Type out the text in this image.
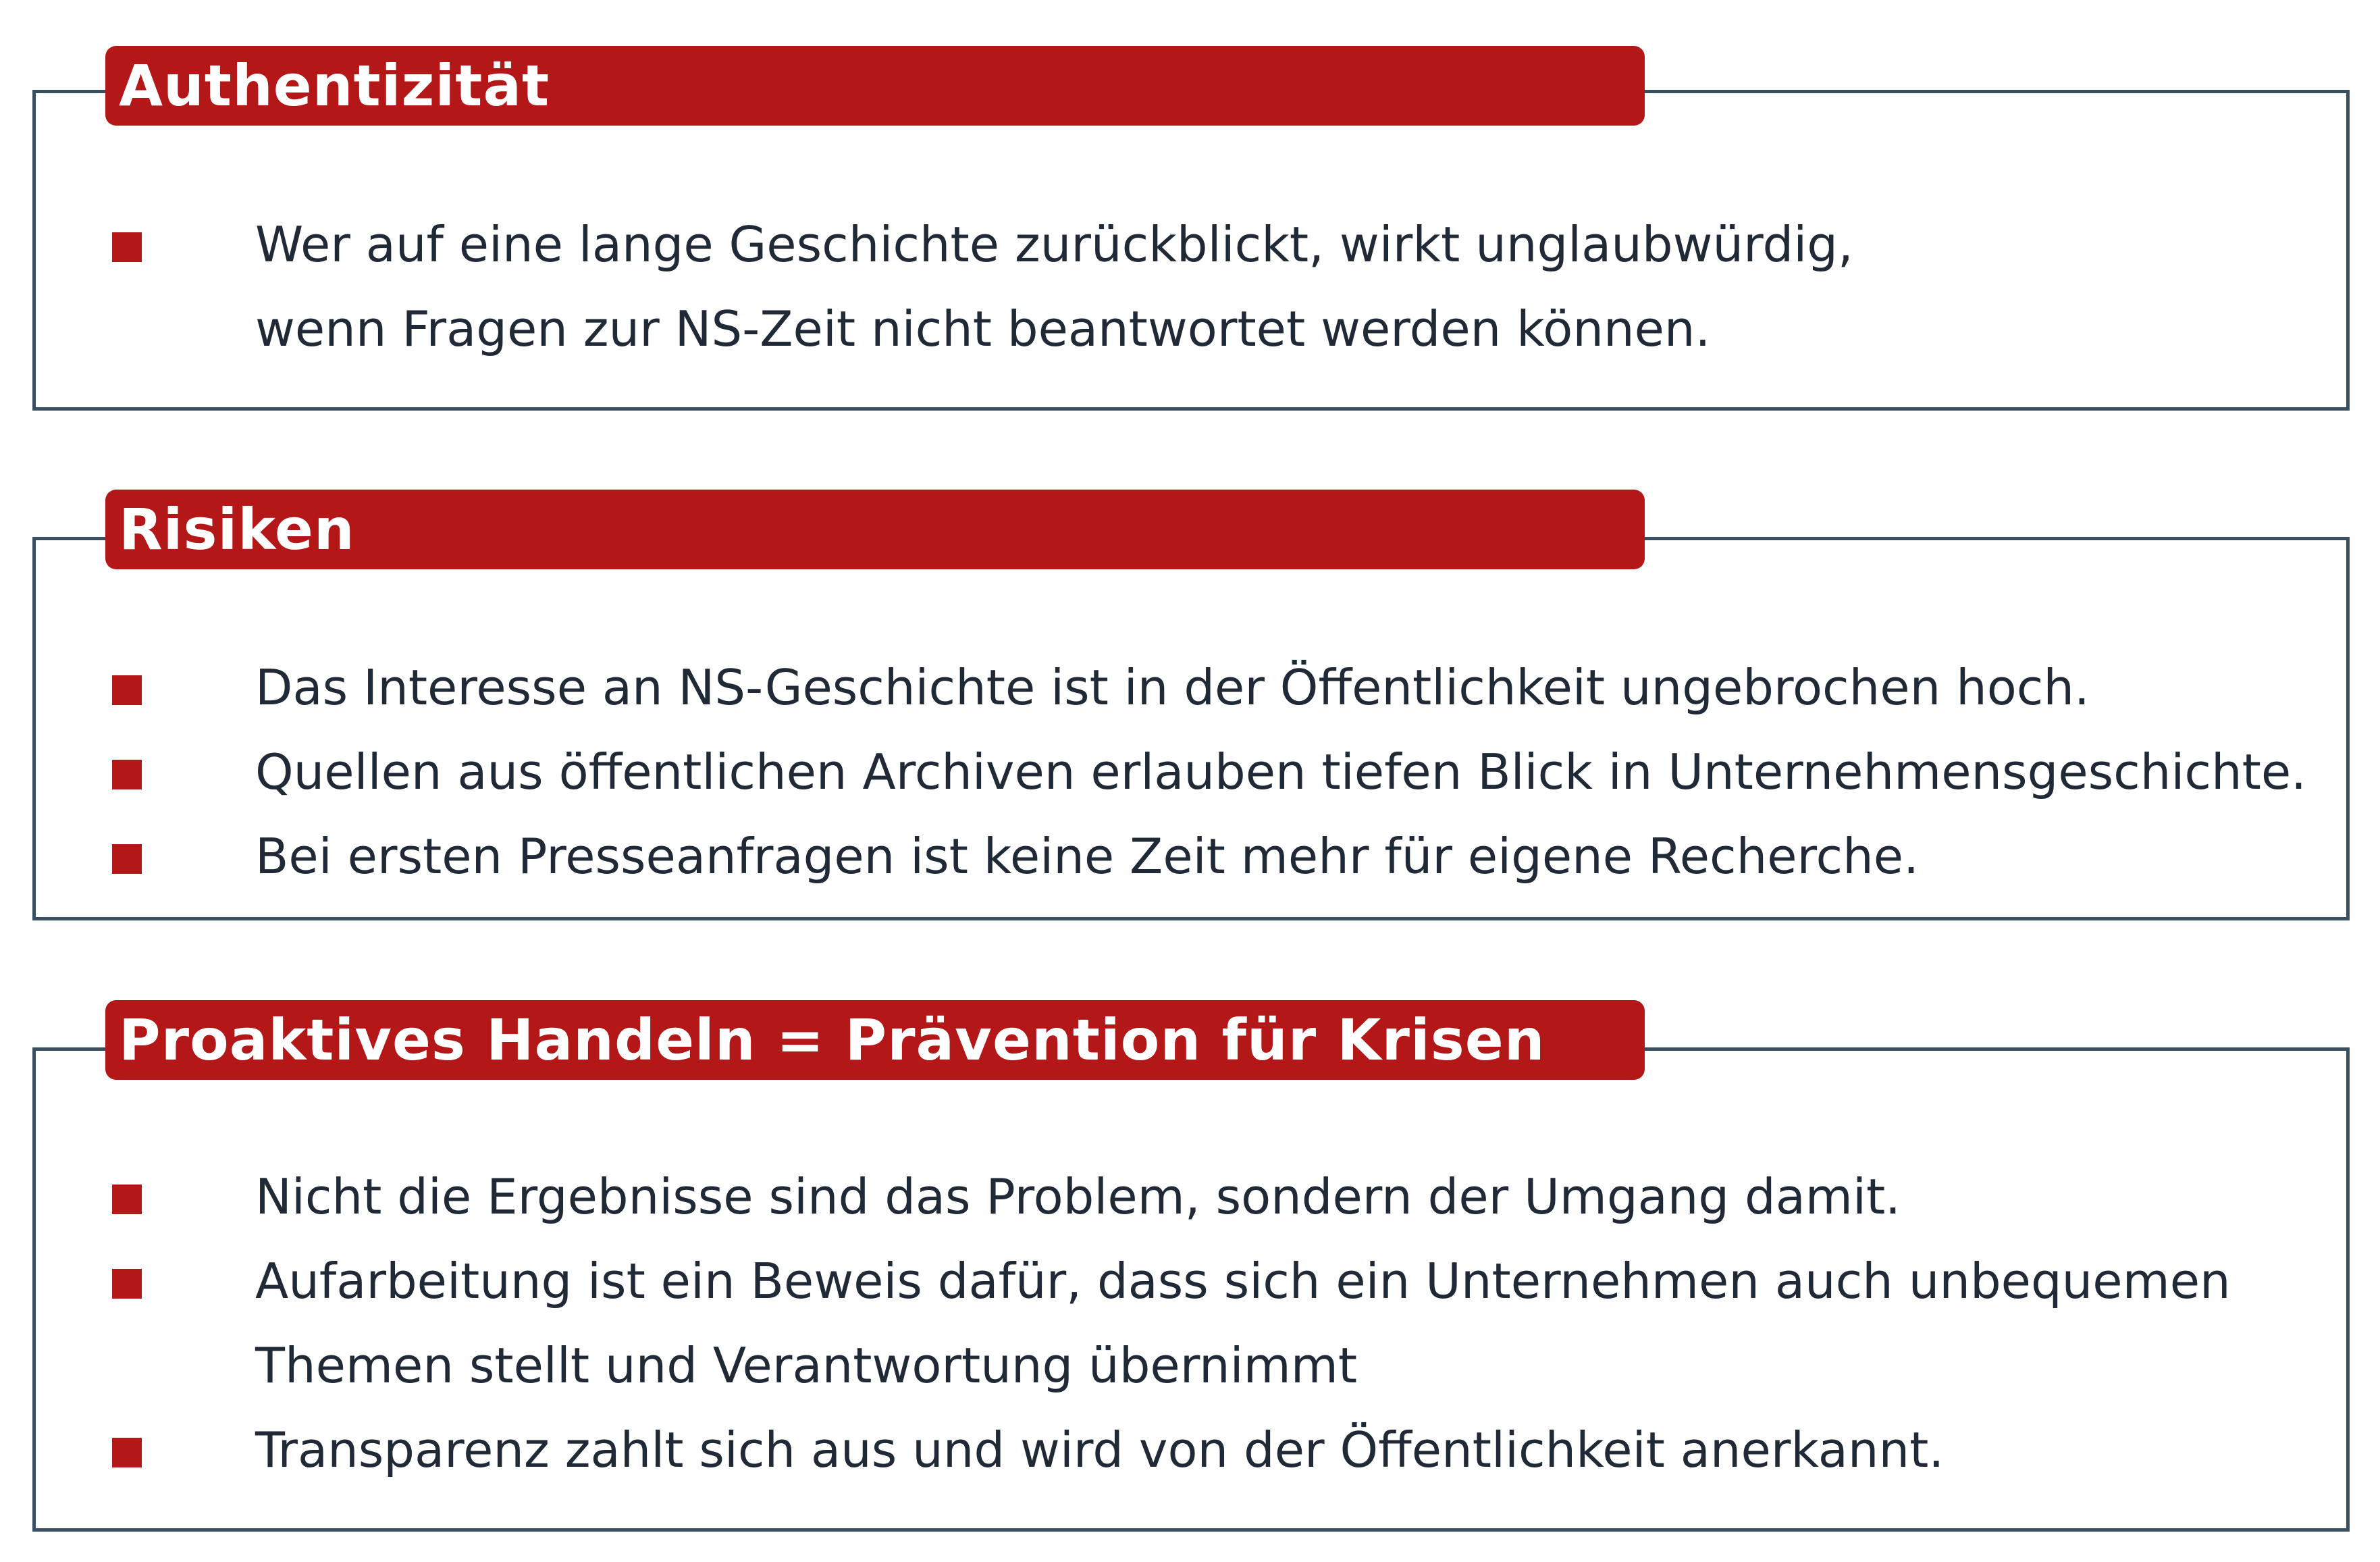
Authentizität
Wer auf eine lange Geschichte zurückblickt, wirkt unglaubwürdig,
wenn Fragen zur NS-Zeit nicht beantwortet werden können.
Risiken
Das Interesse an NS-Geschichte ist in der Öffentlichkeit ungebrochen hoch.
Quellen aus öffentlichen Archiven erlauben tiefen Blick in Unternehmensgeschichte.
Bei ersten Presseanfragen ist keine Zeit mehr für eigene Recherche.
Proaktives Handeln = Prävention für Krisen
Nicht die Ergebnisse sind das Problem, sondern der Umgang damit.
Aufarbeitung ist ein Beweis dafür, dass sich ein Unternehmen auch unbequemen
Themen stellt und Verantwortung übernimmt
Transparenz zahlt sich aus und wird von der Öffentlichkeit anerkannt.
